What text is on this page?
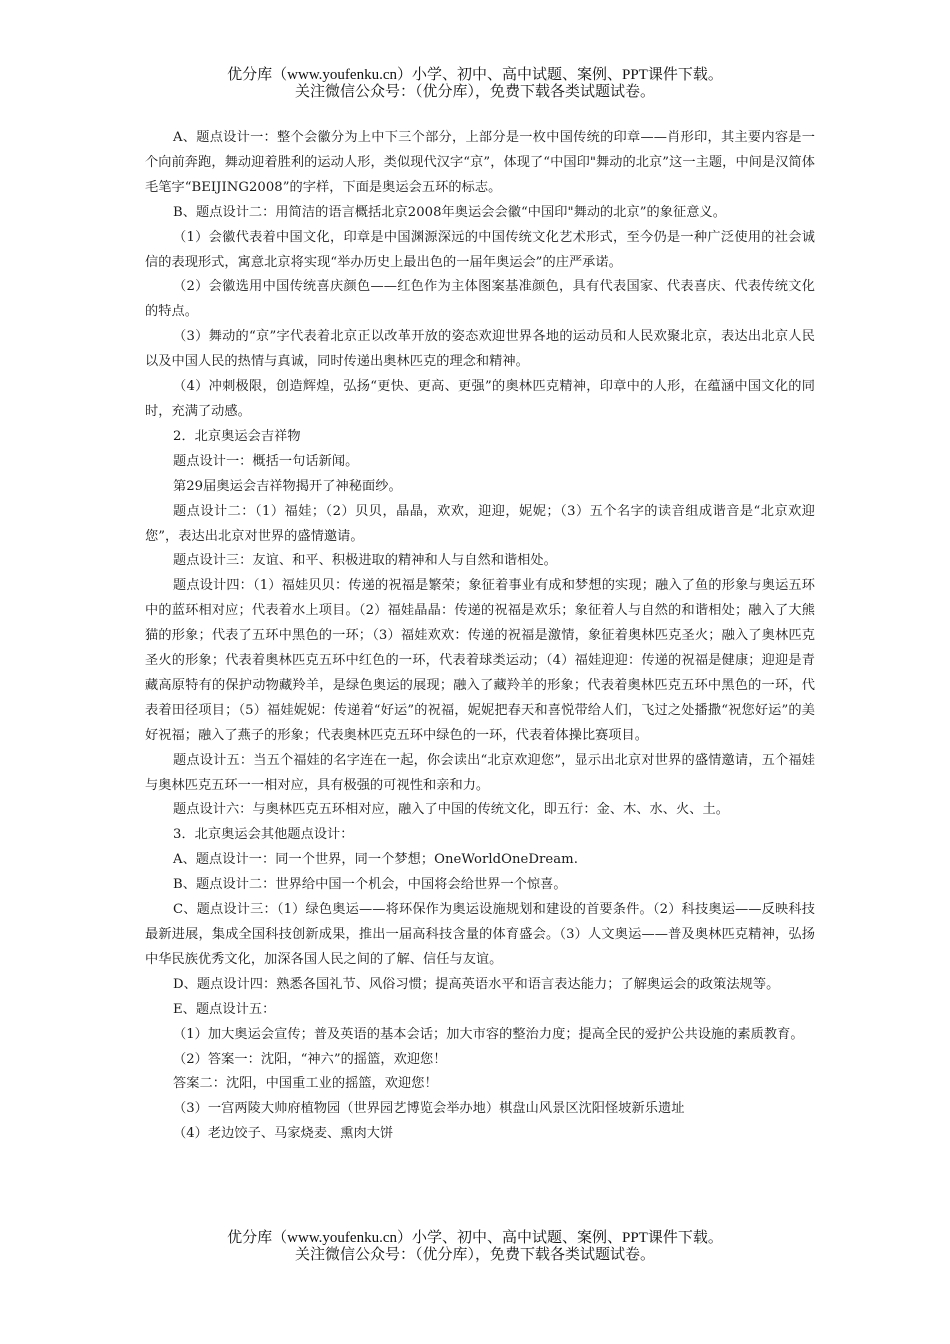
优分库（www.youfenku.cn）小学、初中、高中试题、案例、PPT课件下载。
关注微信公众号：（优分库），免费下载各类试题试卷。

A、题点设计一：整个会徽分为上中下三个部分，上部分是一枚中国传统的印章——肖形印，其主要内容是一个向前奔跑，舞动迎着胜利的运动人形，类似现代汉字“京”，体现了“中国印"舞动的北京”这一主题，中间是汉简体毛笔字“BEIJING2008”的字样，下面是奥运会五环的标志。

B、题点设计二：用简洁的语言概括北京2008年奥运会会徽“中国印"舞动的北京”的象征意义。

（1）会徽代表着中国文化，印章是中国渊源深远的中国传统文化艺术形式，至今仍是一种广泛使用的社会诚信的表现形式，寓意北京将实现“举办历史上最出色的一届年奥运会”的庄严承诺。

（2）会徽选用中国传统喜庆颜色——红色作为主体图案基准颜色，具有代表国家、代表喜庆、代表传统文化的特点。

（3）舞动的“京”字代表着北京正以改革开放的姿态欢迎世界各地的运动员和人民欢聚北京，表达出北京人民以及中国人民的热情与真诚，同时传递出奥林匹克的理念和精神。

（4）冲刺极限，创造辉煌，弘扬“更快、更高、更强”的奥林匹克精神，印章中的人形，在蕴涵中国文化的同时，充满了动感。

2．北京奥运会吉祥物

题点设计一：概括一句话新闻。

第29届奥运会吉祥物揭开了神秘面纱。

题点设计二：（1）福娃；（2）贝贝，晶晶，欢欢，迎迎，妮妮；（3）五个名字的读音组成谐音是“北京欢迎您”，表达出北京对世界的盛情邀请。

题点设计三：友谊、和平、积极进取的精神和人与自然和谐相处。

题点设计四：（1）福娃贝贝：传递的祝福是繁荣；象征着事业有成和梦想的实现；融入了鱼的形象与奥运五环中的蓝环相对应；代表着水上项目。（2）福娃晶晶：传递的祝福是欢乐；象征着人与自然的和谐相处；融入了大熊猫的形象；代表了五环中黑色的一环；（3）福娃欢欢：传递的祝福是激情，象征着奥林匹克圣火；融入了奥林匹克圣火的形象；代表着奥林匹克五环中红色的一环，代表着球类运动；（4）福娃迎迎：传递的祝福是健康；迎迎是青藏高原特有的保护动物藏羚羊，是绿色奥运的展现；融入了藏羚羊的形象；代表着奥林匹克五环中黑色的一环，代表着田径项目；（5）福娃妮妮：传递着“好运”的祝福，妮妮把春天和喜悦带给人们，飞过之处播撒“祝您好运”的美好祝福；融入了燕子的形象；代表奥林匹克五环中绿色的一环，代表着体操比赛项目。

题点设计五：当五个福娃的名字连在一起，你会读出“北京欢迎您”，显示出北京对世界的盛情邀请，五个福娃与奥林匹克五环一一相对应，具有极强的可视性和亲和力。

题点设计六：与奥林匹克五环相对应，融入了中国的传统文化，即五行：金、木、水、火、土。

3．北京奥运会其他题点设计：

A、题点设计一：同一个世界，同一个梦想；OneWorldOneDream.

B、题点设计二：世界给中国一个机会，中国将会给世界一个惊喜。

C、题点设计三：（1）绿色奥运——将环保作为奥运设施规划和建设的首要条件。（2）科技奥运——反映科技最新进展，集成全国科技创新成果，推出一届高科技含量的体育盛会。（3）人文奥运——普及奥林匹克精神，弘扬中华民族优秀文化，加深各国人民之间的了解、信任与友谊。

D、题点设计四：熟悉各国礼节、风俗习惯；提高英语水平和语言表达能力；了解奥运会的政策法规等。

E、题点设计五：

（1）加大奥运会宣传；普及英语的基本会话；加大市容的整治力度；提高全民的爱护公共设施的素质教育。

（2）答案一：沈阳，“神六”的摇篮，欢迎您！

答案二：沈阳，中国重工业的摇篮，欢迎您！

（3）一宫两陵大帅府植物园（世界园艺博览会举办地）棋盘山风景区沈阳怪坡新乐遗址

（4）老边饺子、马家烧麦、熏肉大饼

优分库（www.youfenku.cn）小学、初中、高中试题、案例、PPT课件下载。
关注微信公众号：（优分库），免费下载各类试题试卷。
